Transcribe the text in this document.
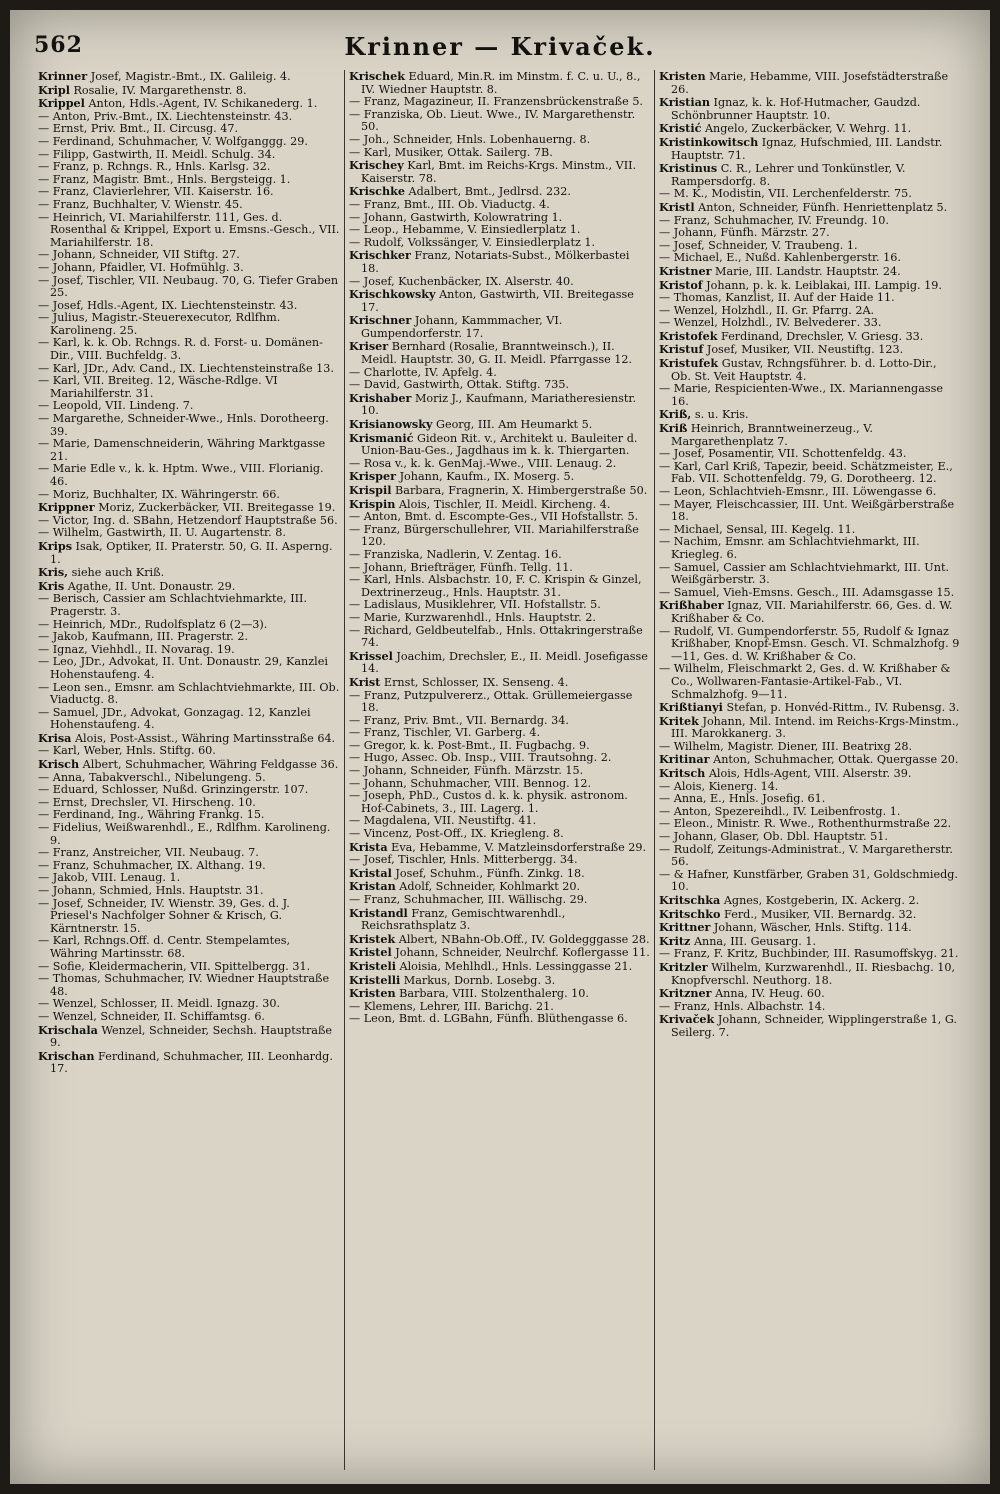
562	Krinner — Krivaček.

Krinner Josef, Magistr.-Bmt., IX. Galileig. 4.

Kripl Rosalie, IV. Margarethenstr. 8.

Krippel Anton, Hdls.-Agent, IV. Schikanederg. 1.

— Anton, Priv.-Bmt., IX. Liechtensteinstr. 43.

— Ernst, Priv. Bmt., II. Circusg. 47.

— Ferdinand, Schuhmacher, V. Wolfganggg. 29.

— Filipp, Gastwirth, II. Meidl. Schulg. 34.

— Franz, p. Rchngs. R., Hnls. Karlsg. 32.

— Franz, Magistr. Bmt., Hnls. Bergsteigg. 1.

— Franz, Clavierlehrer, VII. Kaiserstr. 16.

— Franz, Buchhalter, V. Wienstr. 45.

— Heinrich, VI. Mariahilferstr. 111, Ges. d. Rosenthal & Krippel, Export u. Emsns.-Gesch., VII. Mariahilferstr. 18.

— Johann, Schneider, VII Stiftg. 27.

— Johann, Pfaidler, VI. Hofmühlg. 3.

— Josef, Tischler, VII. Neubaug. 70, G. Tiefer Graben 25.

— Josef, Hdls.-Agent, IX. Liechtensteinstr. 43.

— Julius, Magistr.-Steuerexecutor, Rdlfhm. Karolineng. 25.

— Karl, k. k. Ob. Rchngs. R. d. Forst- u. Domänen-Dir., VIII. Buchfeldg. 3.

— Karl, JDr., Adv. Cand., IX. Liechtensteinstraße 13.

— Karl, VII. Breiteg. 12, Wäsche-Rdlge. VI Mariahilferstr. 31.

— Leopold, VII. Lindeng. 7.

— Margarethe, Schneider-Wwe., Hnls. Dorotheerg. 39.

— Marie, Damenschneiderin, Währing Marktgasse 21.

— Marie Edle v., k. k. Hptm. Wwe., VIII. Florianig. 46.

— Moriz, Buchhalter, IX. Währingerstr. 66.

Krippner Moriz, Zuckerbäcker, VII. Breitegasse 19.

— Victor, Ing. d. SBahn, Hetzendorf Hauptstraße 56.

— Wilhelm, Gastwirth, II. U. Augartenstr. 8.

Krips Isak, Optiker, II. Praterstr. 50, G. II. Asperng. 1.

Kris, siehe auch Kriß.

Kris Agathe, II. Unt. Donaustr. 29.

— Berisch, Cassier am Schlachtviehmarkte, III. Pragerstr. 3.

— Heinrich, MDr., Rudolfsplatz 6 (2—3).

— Jakob, Kaufmann, III. Pragerstr. 2.

— Ignaz, Viehhdl., II. Novarag. 19.

— Leo, JDr., Advokat, II. Unt. Donaustr. 29, Kanzlei Hohenstaufeng. 4.

— Leon sen., Emsnr. am Schlachtviehmarkte, III. Ob. Viaductg. 8.

— Samuel, JDr., Advokat, Gonzagag. 12, Kanzlei Hohenstaufeng. 4.

Krisa Alois, Post-Assist., Währing Martinsstraße 64.

— Karl, Weber, Hnls. Stiftg. 60.

Krisch Albert, Schuhmacher, Währing Feldgasse 36.

— Anna, Tabakverschl., Nibelungeng. 5.

— Eduard, Schlosser, Nußd. Grinzingerstr. 107.

— Ernst, Drechsler, VI. Hirscheng. 10.

— Ferdinand, Ing., Währing Frankg. 15.

— Fidelius, Weißwarenhdl., E., Rdlfhm. Karolineng. 9.

— Franz, Anstreicher, VII. Neubaug. 7.

— Franz, Schuhmacher, IX. Althang. 19.

— Jakob, VIII. Lenaug. 1.

— Johann, Schmied, Hnls. Hauptstr. 31.

— Josef, Schneider, IV. Wienstr. 39, Ges. d. J. Priesel's Nachfolger Sohner & Krisch, G. Kärntnerstr. 15.

— Karl, Rchngs.Off. d. Centr. Stempelamtes, Währing Martinsstr. 68.

— Sofie, Kleidermacherin, VII. Spittelbergg. 31.

— Thomas, Schuhmacher, IV. Wiedner Hauptstraße 48.

— Wenzel, Schlosser, II. Meidl. Ignazg. 30.

— Wenzel, Schneider, II. Schiffamtsg. 6.

Krischala Wenzel, Schneider, Sechsh. Hauptstraße 9.

Krischan Ferdinand, Schuhmacher, III. Leonhardg. 17.

Krischek Eduard, Min.R. im Minstm. f. C. u. U., 8., IV. Wiedner Hauptstr. 8.

— Franz, Magazineur, II. Franzensbrückenstraße 5.

— Franziska, Ob. Lieut. Wwe., IV. Margarethenstr. 50.

— Joh., Schneider, Hnls. Lobenhauerng. 8.

— Karl, Musiker, Ottak. Sailerg. 7B.

Krischey Karl, Bmt. im Reichs-Krgs. Minstm., VII. Kaiserstr. 78.

Krischke Adalbert, Bmt., Jedlrsd. 232.

— Franz, Bmt., III. Ob. Viaductg. 4.

— Johann, Gastwirth, Kolowratring 1.

— Leop., Hebamme, V. Einsiedlerplatz 1.

— Rudolf, Volkssänger, V. Einsiedlerplatz 1.

Krischker Franz, Notariats-Subst., Mölkerbastei 18.

— Josef, Kuchenbäcker, IX. Alserstr. 40.

Krischkowsky Anton, Gastwirth, VII. Breitegasse 17.

Krischner Johann, Kammmacher, VI. Gumpendorferstr. 17.

Kriser Bernhard (Rosalie, Branntweinsch.), II. Meidl. Hauptstr. 30, G. II. Meidl. Pfarrgasse 12.

— Charlotte, IV. Apfelg. 4.

— David, Gastwirth, Ottak. Stiftg. 735.

Krishaber Moriz J., Kaufmann, Mariatheresienstr. 10.

Krisianowsky Georg, III. Am Heumarkt 5.

Krismanić Gideon Rit. v., Architekt u. Bauleiter d. Union-Bau-Ges., Jagdhaus im k. k. Thiergarten.

— Rosa v., k. k. GenMaj.-Wwe., VIII. Lenaug. 2.

Krisper Johann, Kaufm., IX. Moserg. 5.

Krispil Barbara, Fragnerin, X. Himbergerstraße 50.

Krispin Alois, Tischler, II. Meidl. Kircheng. 4.

— Anton, Bmt. d. Escompte-Ges., VII Hofstallstr. 5.

— Franz, Bürgerschullehrer, VII. Mariahilferstraße 120.

— Franziska, Nadlerin, V. Zentag. 16.

— Johann, Briefträger, Fünfh. Tellg. 11.

— Karl, Hnls. Alsbachstr. 10, F. C. Krispin & Ginzel, Dextrinerzeug., Hnls. Hauptstr. 31.

— Ladislaus, Musiklehrer, VII. Hofstallstr. 5.

— Marie, Kurzwarenhdl., Hnls. Hauptstr. 2.

— Richard, Geldbeutelfab., Hnls. Ottakringerstraße 74.

Krissel Joachim, Drechsler, E., II. Meidl. Josefigasse 14.

Krist Ernst, Schlosser, IX. Senseng. 4.

— Franz, Putzpulvererz., Ottak. Grüllemeiergasse 18.

— Franz, Priv. Bmt., VII. Bernardg. 34.

— Franz, Tischler, VI. Garberg. 4.

— Gregor, k. k. Post-Bmt., II. Fugbachg. 9.

— Hugo, Assec. Ob. Insp., VIII. Trautsohng. 2.

— Johann, Schneider, Fünfh. Märzstr. 15.

— Johann, Schuhmacher, VIII. Bennog. 12.

— Joseph, PhD., Custos d. k. k. physik. astronom. Hof-Cabinets, 3., III. Lagerg. 1.

— Magdalena, VII. Neustiftg. 41.

— Vincenz, Post-Off., IX. Kriegleng. 8.

Krista Eva, Hebamme, V. Matzleinsdorferstraße 29.

— Josef, Tischler, Hnls. Mitterbergg. 34.

Kristal Josef, Schuhm., Fünfh. Zinkg. 18.

Kristan Adolf, Schneider, Kohlmarkt 20.

— Franz, Schuhmacher, III. Wällischg. 29.

Kristandl Franz, Gemischtwarenhdl., Reichsrathsplatz 3.

Kristek Albert, NBahn-Ob.Off., IV. Goldegggasse 28.

Kristel Johann, Schneider, Neulrchf. Koflergasse 11.

Kristeli Aloisia, Mehlhdl., Hnls. Lessinggasse 21.

Kristelli Markus, Dornb. Losebg. 3.

Kristen Barbara, VIII. Stolzenthalerg. 10.

— Klemens, Lehrer, III. Barichg. 21.

— Leon, Bmt. d. LGBahn, Fünfh. Blüthengasse 6.

Kristen Marie, Hebamme, VIII. Josefstädterstraße 26.

Kristian Ignaz, k. k. Hof-Hutmacher, Gaudzd. Schönbrunner Hauptstr. 10.

Kristić Angelo, Zuckerbäcker, V. Wehrg. 11.

Kristinkowitsch Ignaz, Hufschmied, III. Landstr. Hauptstr. 71.

Kristinus C. R., Lehrer und Tonkünstler, V. Rampersdorfg. 8.

— M. K., Modistin, VII. Lerchenfelderstr. 75.

Kristl Anton, Schneider, Fünfh. Henriettenplatz 5.

— Franz, Schuhmacher, IV. Freundg. 10.

— Johann, Fünfh. Märzstr. 27.

— Josef, Schneider, V. Traubeng. 1.

— Michael, E., Nußd. Kahlenbergerstr. 16.

Kristner Marie, III. Landstr. Hauptstr. 24.

Kristof Johann, p. k. k. Leiblakai, III. Lampig. 19.

— Thomas, Kanzlist, II. Auf der Haide 11.

— Wenzel, Holzhdl., II. Gr. Pfarrg. 2A.

— Wenzel, Holzhdl., IV. Belvederег. 33.

Kristofek Ferdinand, Drechsler, V. Griesg. 33.

Kristuf Josef, Musiker, VII. Neustiftg. 123.

Kristufek Gustav, Rchngsführer. b. d. Lotto-Dir., Ob. St. Veit Hauptstr. 4.

— Marie, Respicienten-Wwe., IX. Mariannengasse 16.

Kriß, s. u. Kris.

Kriß Heinrich, Branntweinerzeug., V. Margarethenplatz 7.

— Josef, Posamentir, VII. Schottenfeldg. 43.

— Karl, Carl Kriß, Tapezir, beeid. Schätzmeister, E., Fab. VII. Schottenfeldg. 79, G. Dorotheerg. 12.

— Leon, Schlachtvieh-Emsnr., III. Löwengasse 6.

— Mayer, Fleischcassier, III. Unt. Weißgärberstraße 18.

— Michael, Sensal, III. Kegelg. 11.

— Nachim, Emsnr. am Schlachtviehmarkt, III. Kriegleg. 6.

— Samuel, Cassier am Schlachtviehmarkt, III. Unt. Weißgärberstr. 3.

— Samuel, Vieh-Emsns. Gesch., III. Adamsgasse 15.

Krißhaber Ignaz, VII. Mariahilferstr. 66, Ges. d. W. Krißhaber & Co.

— Rudolf, VI. Gumpendorferstr. 55, Rudolf & Ignaz Krißhaber, Knopf-Emsn. Gesch. VI. Schmalzhofg. 9—11, Ges. d. W. Krißhaber & Co.

— Wilhelm, Fleischmarkt 2, Ges. d. W. Krißhaber & Co., Wollwaren-Fantasie-Artikel-Fab., VI. Schmalzhofg. 9—11.

Krißtianyi Stefan, p. Honvéd-Rittm., IV. Rubensg. 3.

Kritek Johann, Mil. Intend. im Reichs-Krgs-Minstm., III. Marokkanerg. 3.

— Wilhelm, Magistr. Diener, III. Beatrixg 28.

Kritinar Anton, Schuhmacher, Ottak. Quergasse 20.

Kritsch Alois, Hdls-Agent, VIII. Alserstr. 39.

— Alois, Kienerg. 14.

— Anna, E., Hnls. Josefig. 61.

— Anton, Spezereihdl., IV. Leibenfrostg. 1.

— Eleon., Ministr. R. Wwe., Rothenthurmstraße 22.

— Johann, Glaser, Ob. Dbl. Hauptstr. 51.

— Rudolf, Zeitungs-Administrat., V. Margaretherstr. 56.

— & Hafner, Kunstfärber, Graben 31, Goldschmiedg. 10.

Kritschka Agnes, Kostgeberin, IX. Ackerg. 2.

Kritschko Ferd., Musiker, VII. Bernardg. 32.

Krittner Johann, Wäscher, Hnls. Stiftg. 114.

Kritz Anna, III. Geusarg. 1.

— Franz, F. Kritz, Buchbinder, III. Rasumoffskyg. 21.

Kritzler Wilhelm, Kurzwarenhdl., II. Riesbachg. 10, Knopfverschl. Neuthorg. 18.

Kritzner Anna, IV. Heug. 60.

— Franz, Hnls. Albachstr. 14.

Krivaček Johann, Schneider, Wipplingerstraße 1, G. Seilerg. 7.
